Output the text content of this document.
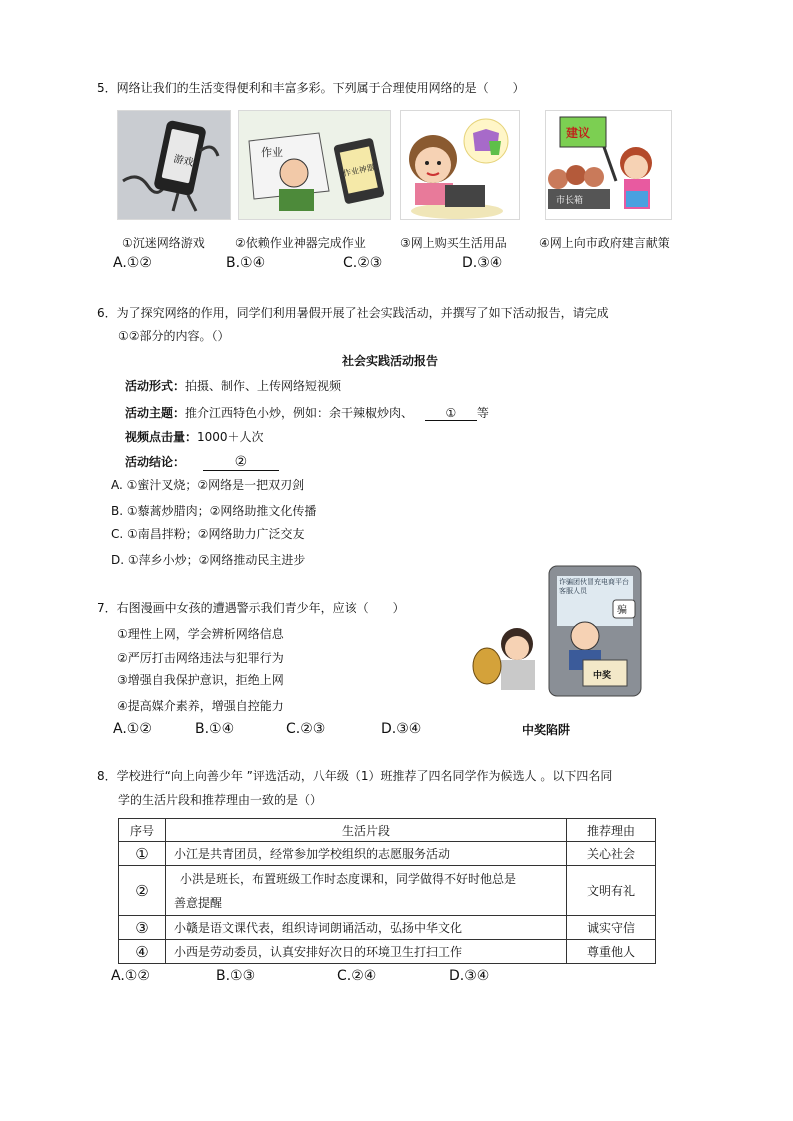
5．网络让我们的生活变得便利和丰富多彩。下列属于合理使用网络的是（　　）
游戏
作业
作业神器
建议
市长箱
①沉迷网络游戏	②依赖作业神器完成作业	③网上购买生活用品	④网上向市政府建言献策
A.①②	B.①④	C.②③	D.③④
6．为了探究网络的作用，同学们利用暑假开展了社会实践活动，并撰写了如下活动报告，请完成
①②部分的内容。（）
社会实践活动报告
活动形式：拍摄、制作、上传网络短视频
活动主题：推介江西特色小炒，例如：余干辣椒炒肉、	① 等
视频点击量：1000＋人次
活动结论：	②
A. ①蜜汁叉烧；②网络是一把双刃剑
B. ①藜蒿炒腊肉；②网络助推文化传播
C. ①南昌拌粉；②网络助力广泛交友
D. ①萍乡小炒；②网络推动民主进步
7．右图漫画中女孩的遭遇警示我们青少年，应该（　　）
①理性上网，学会辨析网络信息
②严厉打击网络违法与犯罪行为
③增强自我保护意识，拒绝上网
④提高媒介素养，增强自控能力
A.①②	B.①④	C.②③	D.③④
诈骗团伙冒充电商平台客服人员
骗
中奖
中奖陷阱
8．学校进行“向上向善少年 ”评选活动，八年级（1）班推荐了四名同学作为候选人 。以下四名同
学的生活片段和推荐理由一致的是（）
序号	生活片段	推荐理由
①	小江是共青团员，经常参加学校组织的志愿服务活动	关心社会
②	小洪是班长，布置班级工作时态度课和，同学做得不好时他总是
善意提醒	文明有礼
③	小赣是语文课代表，组织诗词朗诵活动，弘扬中华文化	诚实守信
④	小西是劳动委员，认真安排好次日的环境卫生打扫工作	尊重他人
A.①②	B.①③	C.②④	D.③④
